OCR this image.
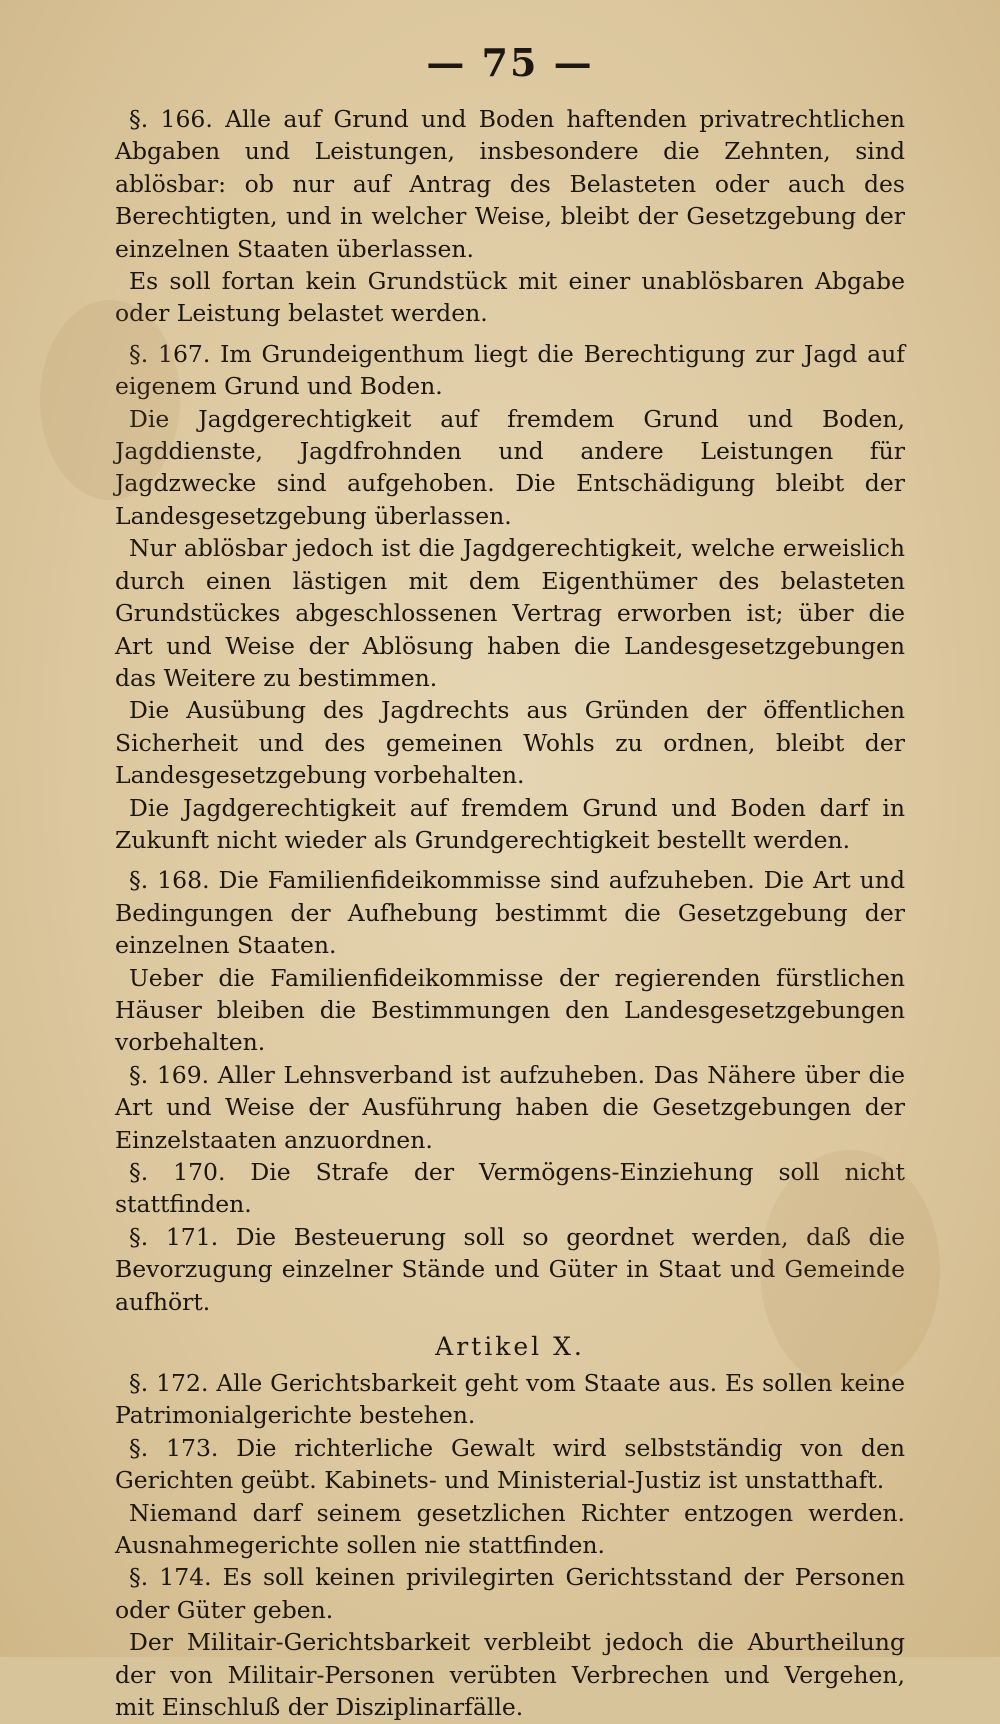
— 75 —

§. 166. Alle auf Grund und Boden haftenden privatrechtlichen Abgaben und Leistungen, insbesondere die Zehnten, sind ablösbar: ob nur auf Antrag des Belasteten oder auch des Berechtigten, und in welcher Weise, bleibt der Gesetzgebung der einzelnen Staaten überlassen.

Es soll fortan kein Grundstück mit einer unablösbaren Abgabe oder Leistung belastet werden.

§. 167. Im Grundeigenthum liegt die Berechtigung zur Jagd auf eigenem Grund und Boden.

Die Jagdgerechtigkeit auf fremdem Grund und Boden, Jagddienste, Jagdfrohnden und andere Leistungen für Jagdzwecke sind aufgehoben. Die Entschädigung bleibt der Landesgesetzgebung überlassen.

Nur ablösbar jedoch ist die Jagdgerechtigkeit, welche erweislich durch einen lästigen mit dem Eigenthümer des belasteten Grundstückes abgeschlossenen Vertrag erworben ist; über die Art und Weise der Ablösung haben die Landesgesetzgebungen das Weitere zu bestimmen.

Die Ausübung des Jagdrechts aus Gründen der öffentlichen Sicherheit und des gemeinen Wohls zu ordnen, bleibt der Landesgesetzgebung vorbehalten.

Die Jagdgerechtigkeit auf fremdem Grund und Boden darf in Zukunft nicht wieder als Grundgerechtigkeit bestellt werden.

§. 168. Die Familienfideikommisse sind aufzuheben. Die Art und Bedingungen der Aufhebung bestimmt die Gesetzgebung der einzelnen Staaten.

Ueber die Familienfideikommisse der regierenden fürstlichen Häuser bleiben die Bestimmungen den Landesgesetzgebungen vorbehalten.

§. 169. Aller Lehnsverband ist aufzuheben. Das Nähere über die Art und Weise der Ausführung haben die Gesetzgebungen der Einzelstaaten anzuordnen.

§. 170. Die Strafe der Vermögens-Einziehung soll nicht stattfinden.

§. 171. Die Besteuerung soll so geordnet werden, daß die Bevorzugung einzelner Stände und Güter in Staat und Gemeinde aufhört.

Artikel X.

§. 172. Alle Gerichtsbarkeit geht vom Staate aus. Es sollen keine Patrimonialgerichte bestehen.

§. 173. Die richterliche Gewalt wird selbstständig von den Gerichten geübt. Kabinets- und Ministerial-Justiz ist unstatthaft.

Niemand darf seinem gesetzlichen Richter entzogen werden. Ausnahmegerichte sollen nie stattfinden.

§. 174. Es soll keinen privilegirten Gerichtsstand der Personen oder Güter geben.

Der Militair-Gerichtsbarkeit verbleibt jedoch die Aburtheilung der von Militair-Personen verübten Verbrechen und Vergehen, mit Einschluß der Disziplinarfälle.
